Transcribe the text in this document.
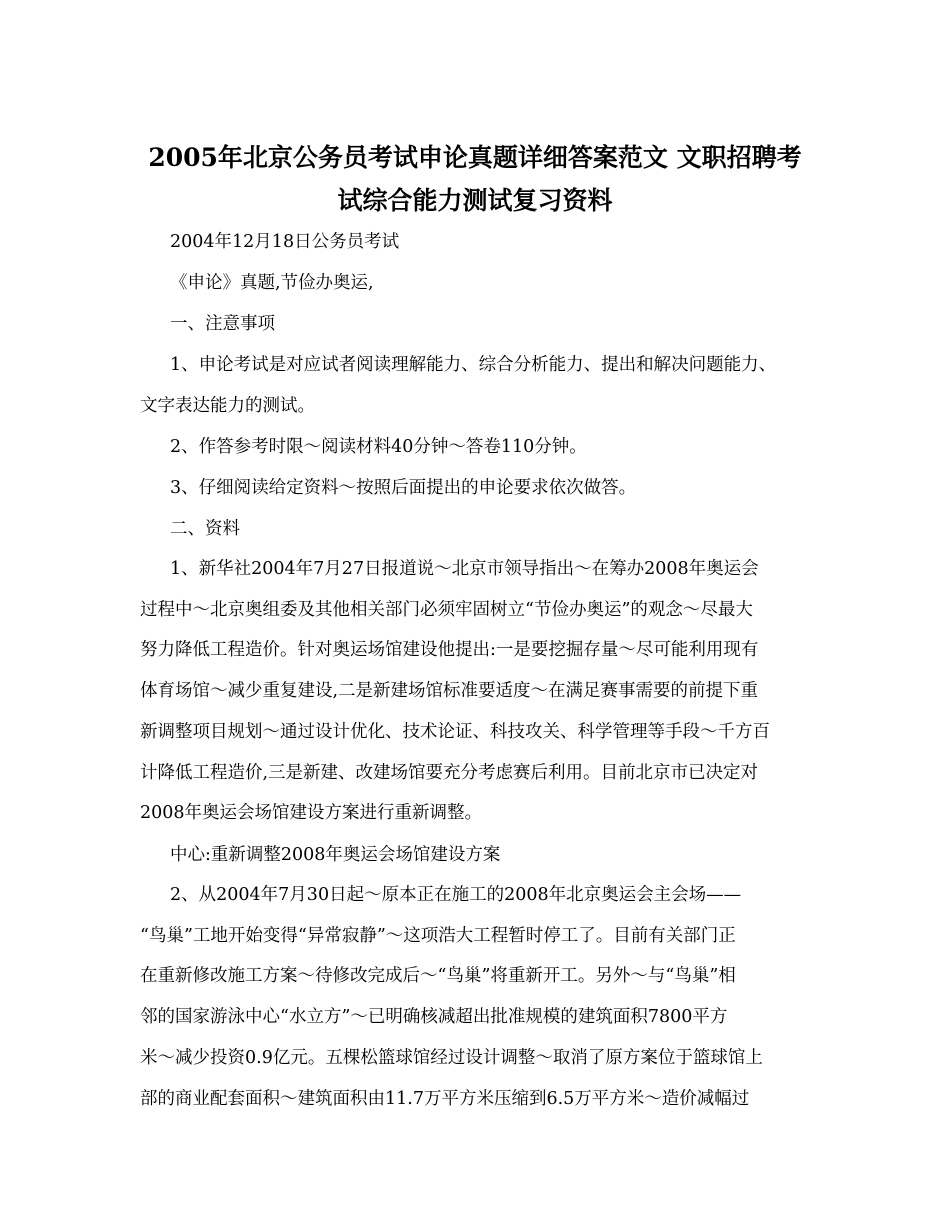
2005年北京公务员考试申论真题详细答案范文 文职招聘考
试综合能力测试复习资料
2004年12月18日公务员考试
《申论》真题,节俭办奥运,
一、注意事项
1、申论考试是对应试者阅读理解能力、综合分析能力、提出和解决问题能力、
文字表达能力的测试。
2、作答参考时限～阅读材料40分钟～答卷110分钟。
3、仔细阅读给定资料～按照后面提出的申论要求依次做答。
二、资料
1、新华社2004年7月27日报道说～北京市领导指出～在筹办2008年奥运会
过程中～北京奥组委及其他相关部门必须牢固树立“节俭办奥运”的观念～尽最大
努力降低工程造价。针对奥运场馆建设他提出:一是要挖掘存量～尽可能利用现有
体育场馆～减少重复建设,二是新建场馆标准要适度～在满足赛事需要的前提下重
新调整项目规划～通过设计优化、技术论证、科技攻关、科学管理等手段～千方百
计降低工程造价,三是新建、改建场馆要充分考虑赛后利用。目前北京市已决定对
2008年奥运会场馆建设方案进行重新调整。
中心:重新调整2008年奥运会场馆建设方案
2、从2004年7月30日起～原本正在施工的2008年北京奥运会主会场——
“鸟巢”工地开始变得“异常寂静”～这项浩大工程暂时停工了。目前有关部门正
在重新修改施工方案～待修改完成后～“鸟巢”将重新开工。另外～与“鸟巢”相
邻的国家游泳中心“水立方”～已明确核减超出批准规模的建筑面积7800平方
米～减少投资0.9亿元。五棵松篮球馆经过设计调整～取消了原方案位于篮球馆上
部的商业配套面积～建筑面积由11.7万平方米压缩到6.5万平方米～造价减幅过
